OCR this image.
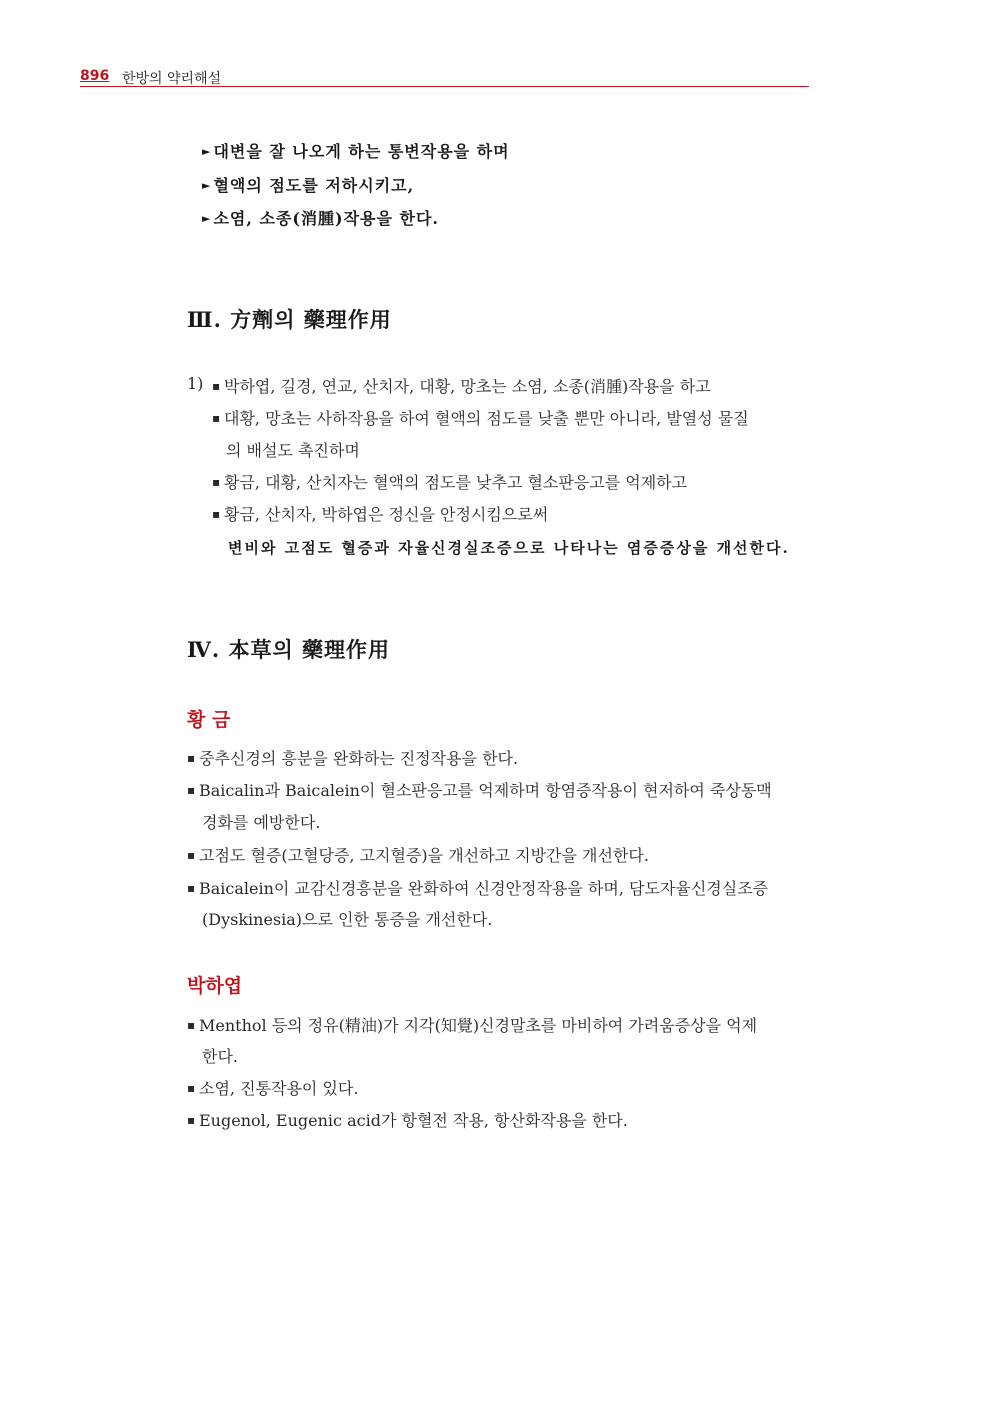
896 한방의 약리해설
► 대변을 잘 나오게 하는 통변작용을 하며
► 혈액의 점도를 저하시키고,
► 소염, 소종(消腫)작용을 한다.
Ⅲ. 方劑의 藥理作用
1) ▪ 박하엽, 길경, 연교, 산치자, 대황, 망초는 소염, 소종(消腫)작용을 하고
▪ 대황, 망초는 사하작용을 하여 혈액의 점도를 낮출 뿐만 아니라, 발열성 물질
의 배설도 촉진하며
▪ 황금, 대황, 산치자는 혈액의 점도를 낮추고 혈소판응고를 억제하고
▪ 황금, 산치자, 박하엽은 정신을 안정시킴으로써
변비와 고점도 혈증과 자율신경실조증으로 나타나는 염증증상을 개선한다.
Ⅳ. 本草의 藥理作用
황 금
▪ 중추신경의 흥분을 완화하는 진정작용을 한다.
▪ Baicalin과 Baicalein이 혈소판응고를 억제하며 항염증작용이 현저하여 죽상동맥
경화를 예방한다.
▪ 고점도 혈증(고혈당증, 고지혈증)을 개선하고 지방간을 개선한다.
▪ Baicalein이 교감신경흥분을 완화하여 신경안정작용을 하며, 담도자율신경실조증
(Dyskinesia)으로 인한 통증을 개선한다.
박하엽
▪ Menthol 등의 정유(精油)가 지각(知覺)신경말초를 마비하여 가려움증상을 억제
한다.
▪ 소염, 진통작용이 있다.
▪ Eugenol, Eugenic acid가 항혈전 작용, 항산화작용을 한다.
